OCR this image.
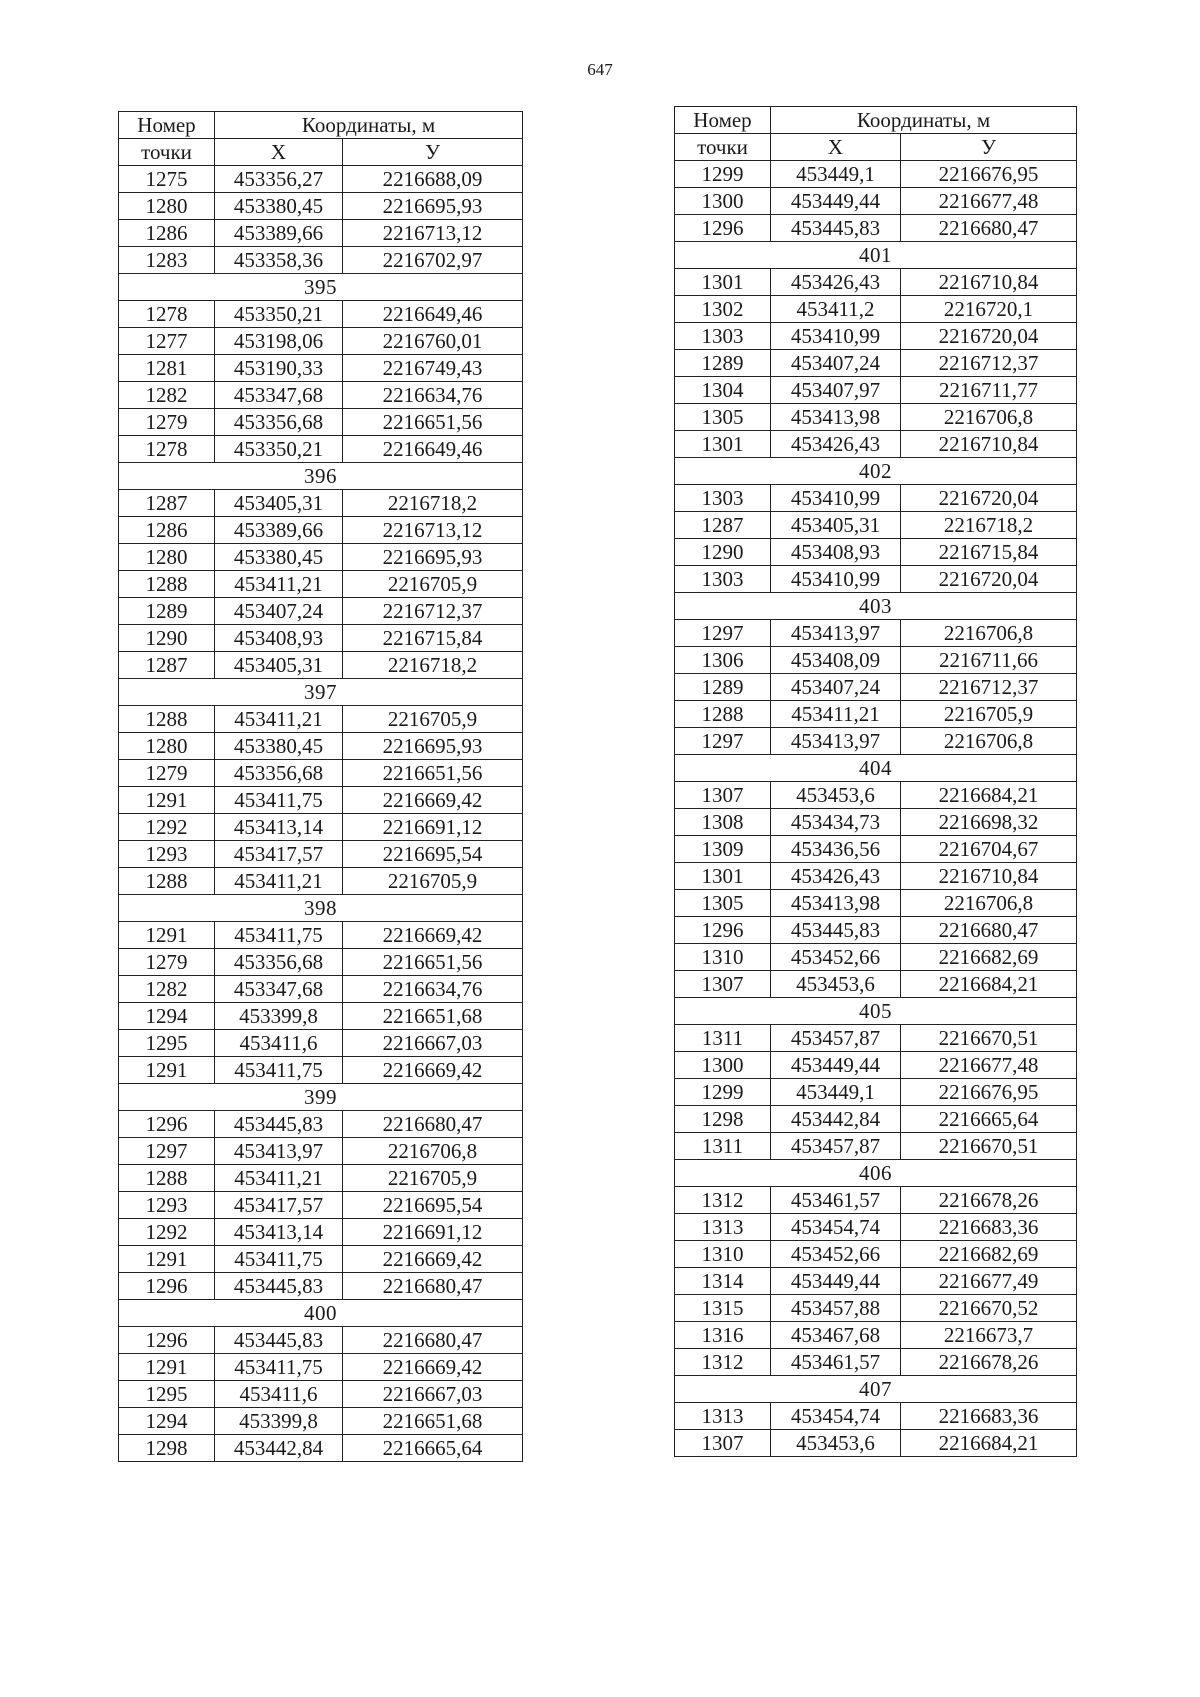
647
Номер	Координаты, м	
точки	X	У
1275	453356,27	2216688,09
1280	453380,45	2216695,93
1286	453389,66	2216713,12
1283	453358,36	2216702,97
395		
1278	453350,21	2216649,46
1277	453198,06	2216760,01
1281	453190,33	2216749,43
1282	453347,68	2216634,76
1279	453356,68	2216651,56
1278	453350,21	2216649,46
396		
1287	453405,31	2216718,2
1286	453389,66	2216713,12
1280	453380,45	2216695,93
1288	453411,21	2216705,9
1289	453407,24	2216712,37
1290	453408,93	2216715,84
1287	453405,31	2216718,2
397		
1288	453411,21	2216705,9
1280	453380,45	2216695,93
1279	453356,68	2216651,56
1291	453411,75	2216669,42
1292	453413,14	2216691,12
1293	453417,57	2216695,54
1288	453411,21	2216705,9
398		
1291	453411,75	2216669,42
1279	453356,68	2216651,56
1282	453347,68	2216634,76
1294	453399,8	2216651,68
1295	453411,6	2216667,03
1291	453411,75	2216669,42
399		
1296	453445,83	2216680,47
1297	453413,97	2216706,8
1288	453411,21	2216705,9
1293	453417,57	2216695,54
1292	453413,14	2216691,12
1291	453411,75	2216669,42
1296	453445,83	2216680,47
400		
1296	453445,83	2216680,47
1291	453411,75	2216669,42
1295	453411,6	2216667,03
1294	453399,8	2216651,68
1298	453442,84	2216665,64
Номер	Координаты, м	
точки	X	У
1299	453449,1	2216676,95
1300	453449,44	2216677,48
1296	453445,83	2216680,47
401		
1301	453426,43	2216710,84
1302	453411,2	2216720,1
1303	453410,99	2216720,04
1289	453407,24	2216712,37
1304	453407,97	2216711,77
1305	453413,98	2216706,8
1301	453426,43	2216710,84
402		
1303	453410,99	2216720,04
1287	453405,31	2216718,2
1290	453408,93	2216715,84
1303	453410,99	2216720,04
403		
1297	453413,97	2216706,8
1306	453408,09	2216711,66
1289	453407,24	2216712,37
1288	453411,21	2216705,9
1297	453413,97	2216706,8
404		
1307	453453,6	2216684,21
1308	453434,73	2216698,32
1309	453436,56	2216704,67
1301	453426,43	2216710,84
1305	453413,98	2216706,8
1296	453445,83	2216680,47
1310	453452,66	2216682,69
1307	453453,6	2216684,21
405		
1311	453457,87	2216670,51
1300	453449,44	2216677,48
1299	453449,1	2216676,95
1298	453442,84	2216665,64
1311	453457,87	2216670,51
406		
1312	453461,57	2216678,26
1313	453454,74	2216683,36
1310	453452,66	2216682,69
1314	453449,44	2216677,49
1315	453457,88	2216670,52
1316	453467,68	2216673,7
1312	453461,57	2216678,26
407		
1313	453454,74	2216683,36
1307	453453,6	2216684,21
